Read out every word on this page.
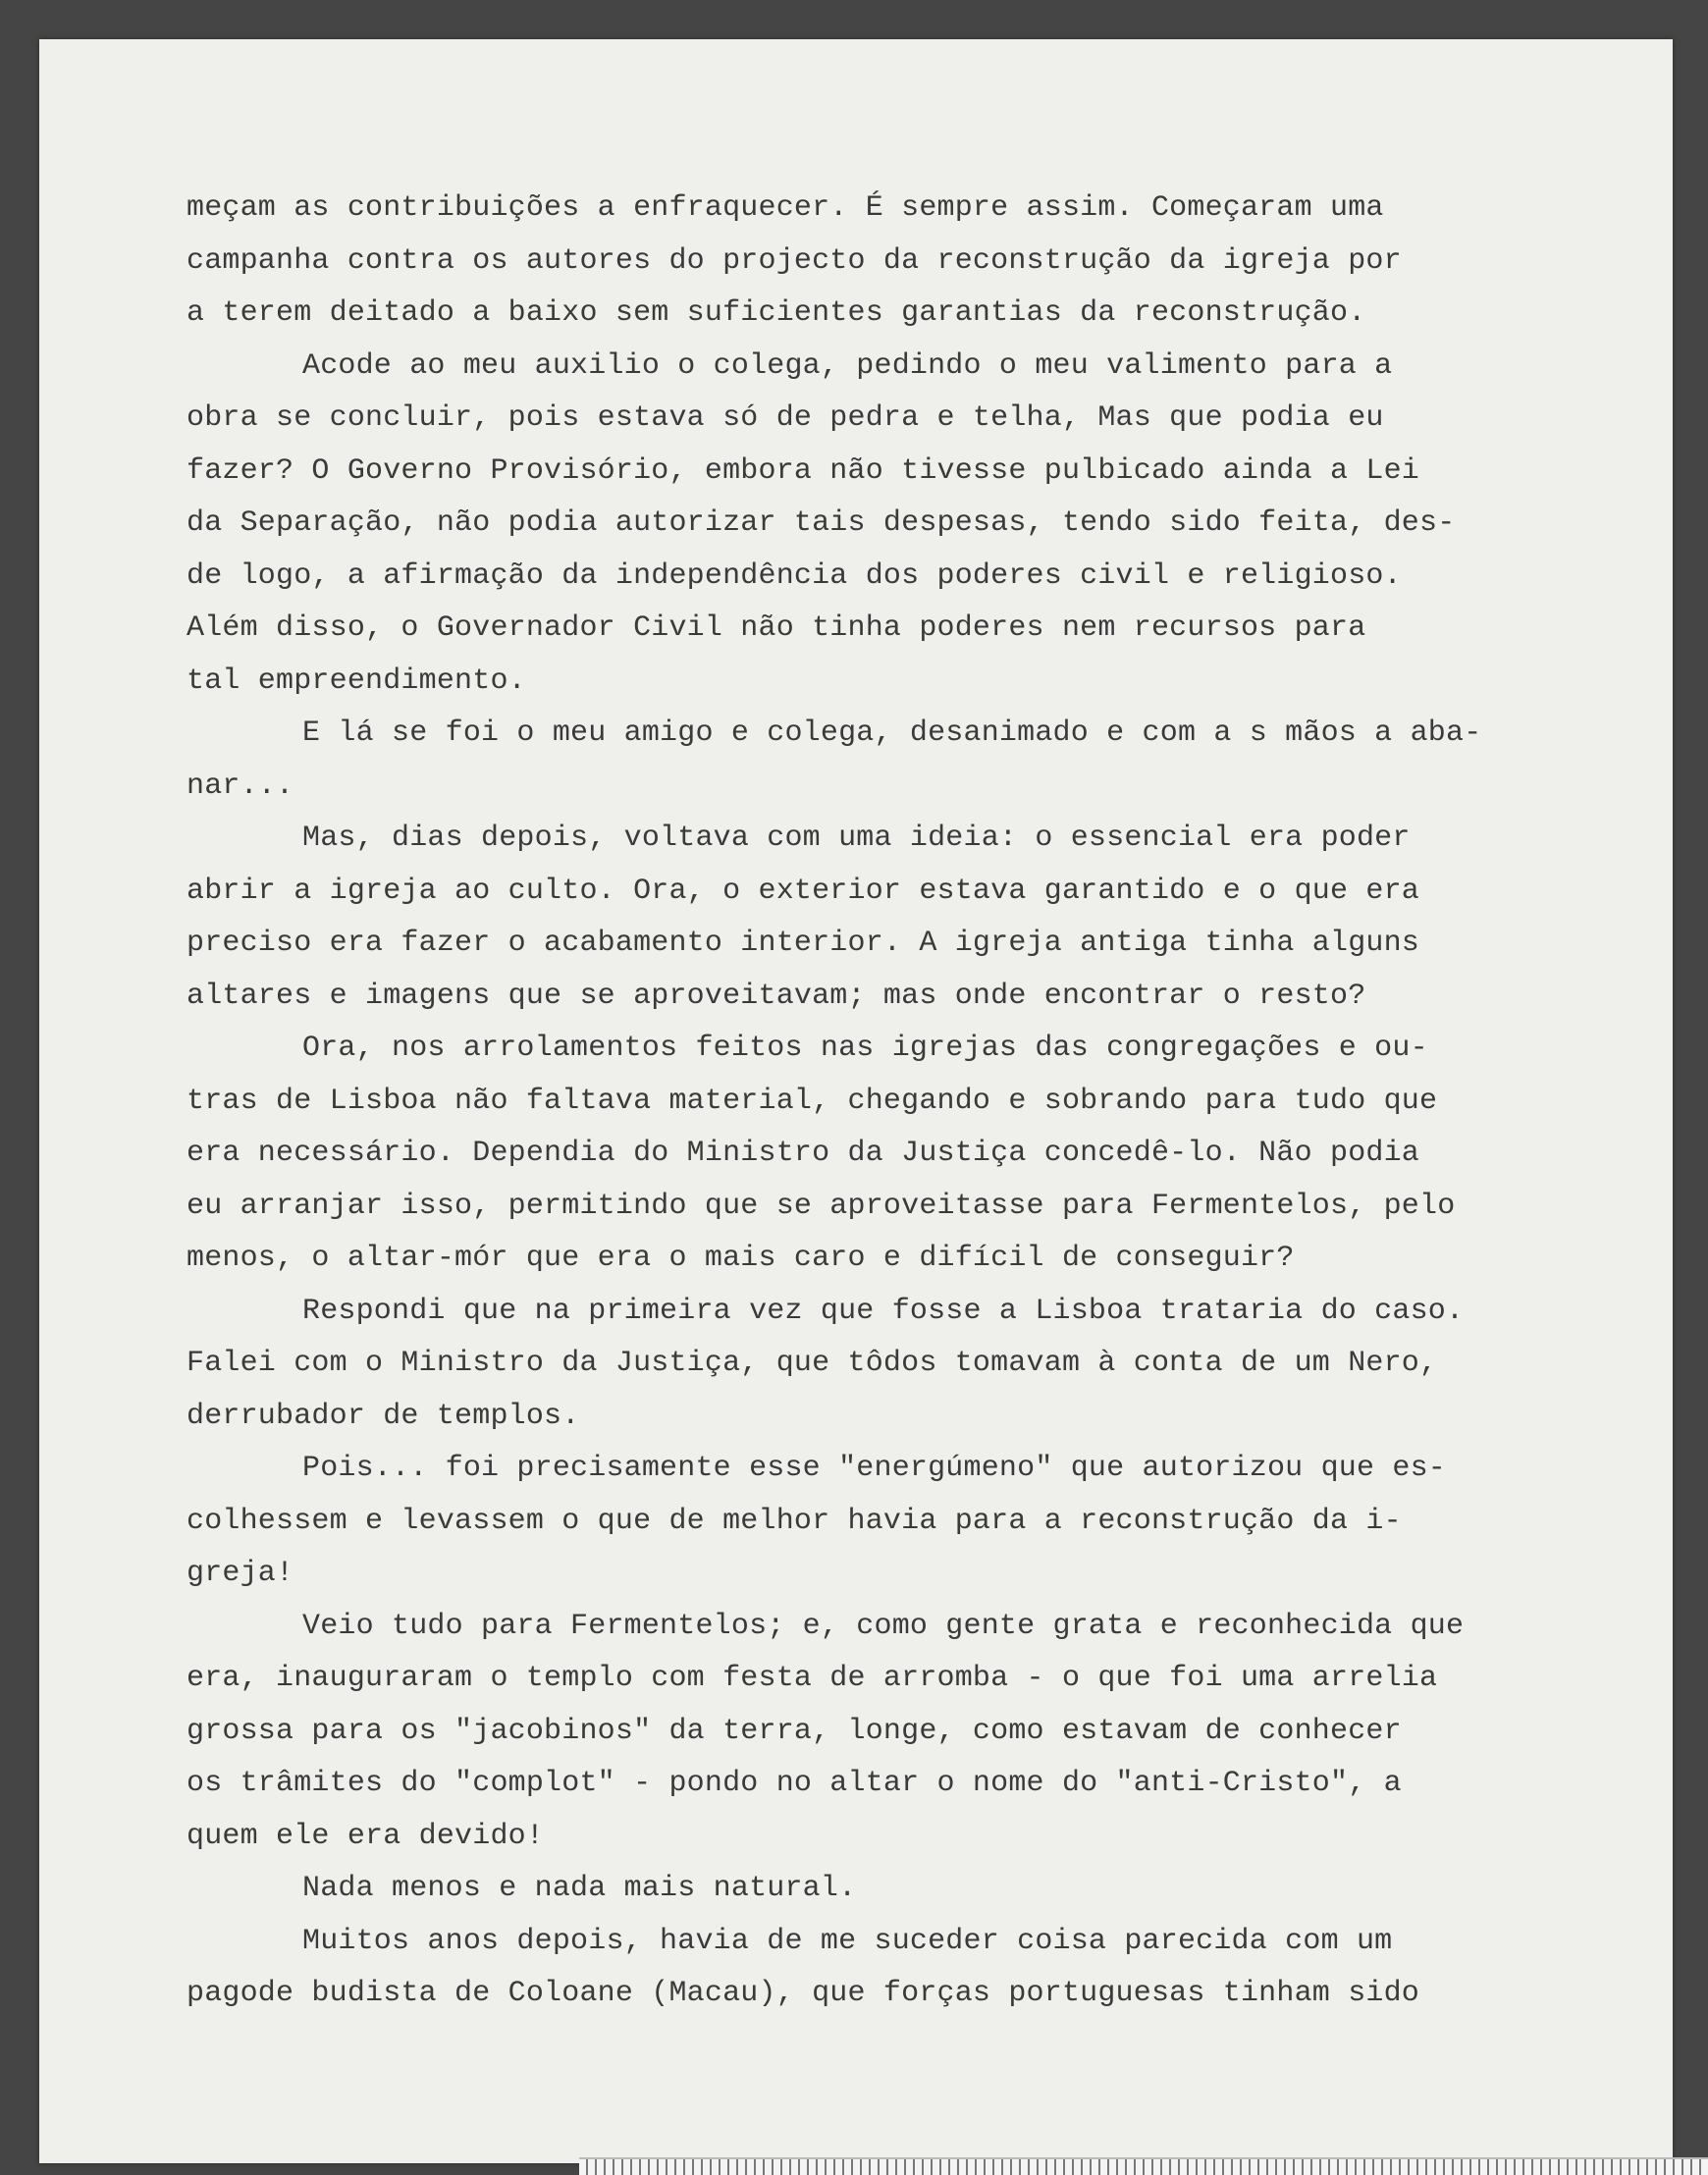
meçam as contribuições a enfraquecer. É sempre assim. Começaram uma
campanha contra os autores do projecto da reconstrução da igreja por
a terem deitado a baixo sem suficientes garantias da reconstrução.
Acode ao meu auxilio o colega, pedindo o meu valimento para a
obra se concluir, pois estava só de pedra e telha, Mas que podia eu
fazer? O Governo Provisório, embora não tivesse pulbicado ainda a Lei
da Separação, não podia autorizar tais despesas, tendo sido feita, des-
de logo, a afirmação da independência dos poderes civil e religioso.
Além disso, o Governador Civil não tinha poderes nem recursos para
tal empreendimento.
E lá se foi o meu amigo e colega, desanimado e com a s mãos a aba-
nar...
Mas, dias depois, voltava com uma ideia: o essencial era poder
abrir a igreja ao culto. Ora, o exterior estava garantido e o que era
preciso era fazer o acabamento interior. A igreja antiga tinha alguns
altares e imagens que se aproveitavam; mas onde encontrar o resto?
Ora, nos arrolamentos feitos nas igrejas das congregações e ou-
tras de Lisboa não faltava material, chegando e sobrando para tudo que
era necessário. Dependia do Ministro da Justiça concedê-lo. Não podia
eu arranjar isso, permitindo que se aproveitasse para Fermentelos, pelo
menos, o altar-mór que era o mais caro e difícil de conseguir?
Respondi que na primeira vez que fosse a Lisboa trataria do caso.
Falei com o Ministro da Justiça, que tôdos tomavam à conta de um Nero,
derrubador de templos.
Pois... foi precisamente esse "energúmeno" que autorizou que es-
colhessem e levassem o que de melhor havia para a reconstrução da i-
greja!
Veio tudo para Fermentelos; e, como gente grata e reconhecida que
era, inauguraram o templo com festa de arromba - o que foi uma arrelia
grossa para os "jacobinos" da terra, longe, como estavam de conhecer
os trâmites do "complot" - pondo no altar o nome do "anti-Cristo", a
quem ele era devido!
Nada menos e nada mais natural.
Muitos anos depois, havia de me suceder coisa parecida com um
pagode budista de Coloane (Macau), que forças portuguesas tinham sido
